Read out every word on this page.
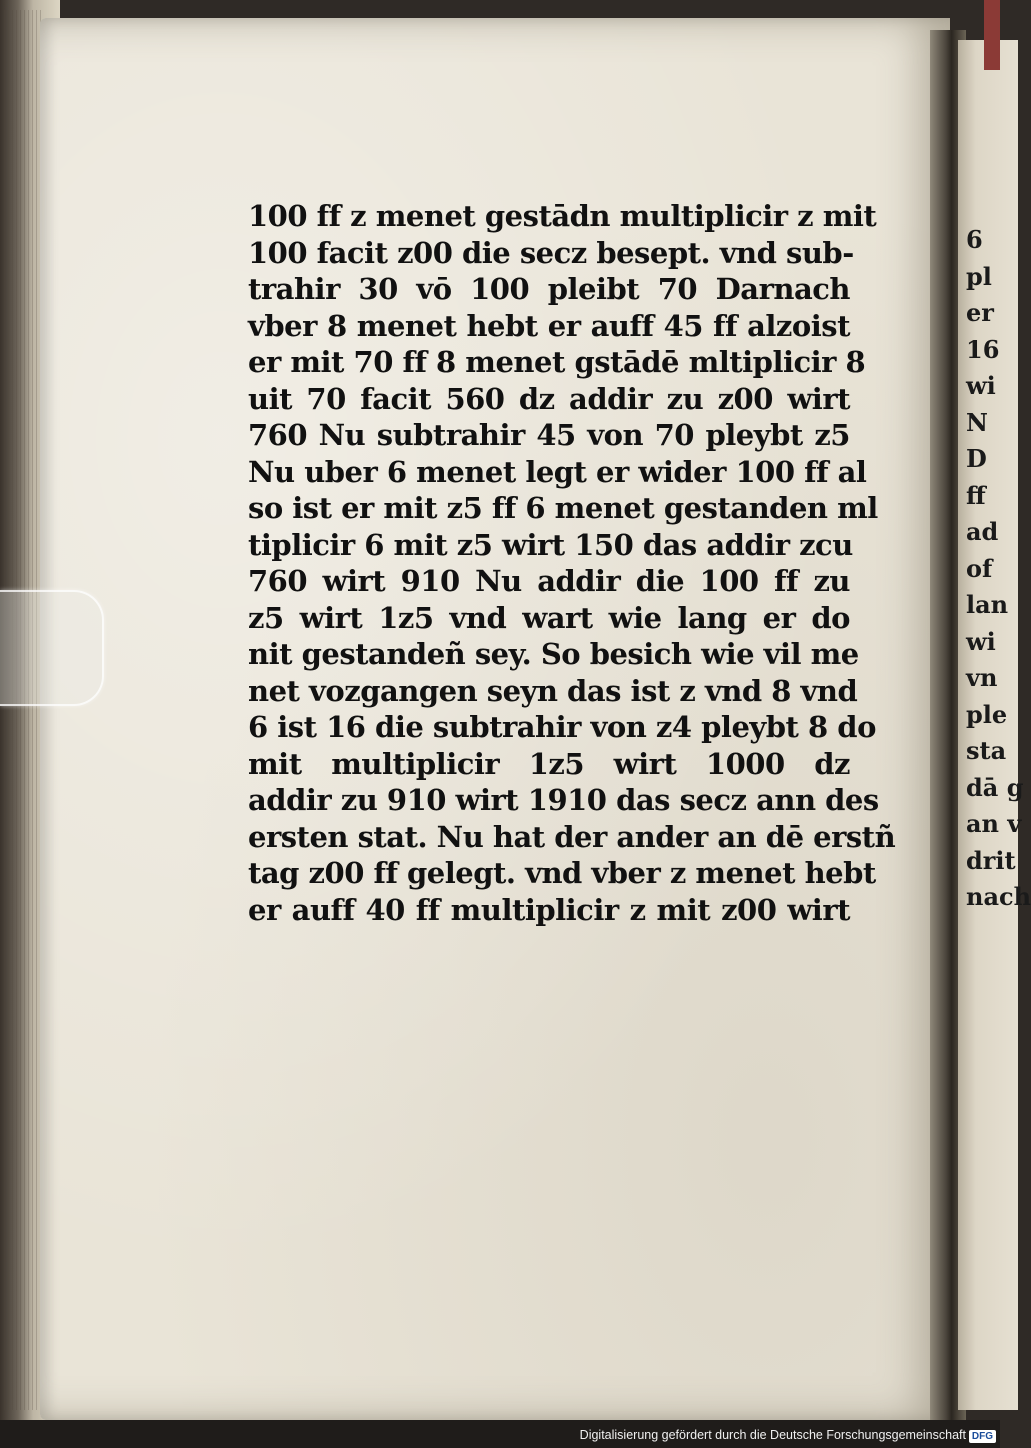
100 ff z menet gestādn multiplicir z mit
100 facit z00 die secz besept. vnd sub-
trahir 30 vō 100 pleibt 70 Darnach
vber 8 menet hebt er auff 45 ff alzoist
er mit 70 ff 8 menet gstādē mltiplicir 8
uit 70 facit 560 dz addir zu z00 wirt
760 Nu subtrahir 45 von 70 pleybt z5
Nu uber 6 menet legt er wider 100 ff al
so ist er mit z5 ff 6 menet gestanden ml
tiplicir 6 mit z5 wirt 150 das addir zcu
760 wirt 910 Nu addir die 100 ff zu
z5 wirt 1z5 vnd wart wie lang er do
nit gestandeñ sey. So besich wie vil me
net vozgangen seyn das ist z vnd 8 vnd
6 ist 16 die subtrahir von z4 pleybt 8 do
mit multiplicir 1z5 wirt 1000 dz
addir zu 910 wirt 1910 das secz ann des
ersten stat. Nu hat der ander an dē erstñ
tag z00 ff gelegt. vnd vber z menet hebt
er auff 40 ff multiplicir z mit z00 wirt
6
pl
er
16
wi
N
D
ff
ad
of
lan
wi
vn
ple
sta
dā g
an v
drit
nach
Digitalisierung gefördert durch die Deutsche Forschungsgemeinschaft DFG
